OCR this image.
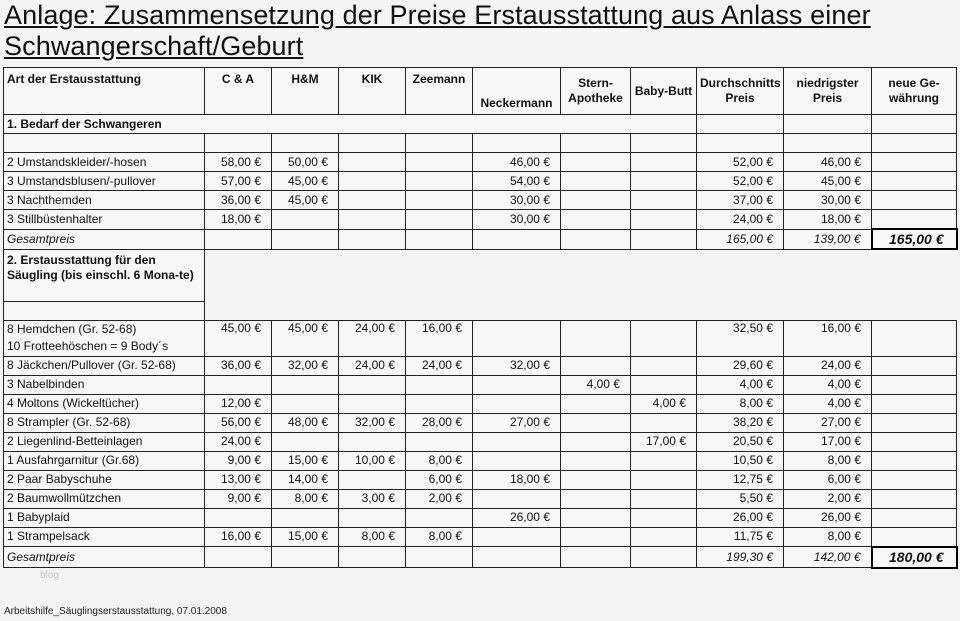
Anlage: Zusammensetzung der Preise Erstausstattung aus Anlass einer
Schwangerschaft/Geburt
Art der Erstausstattung	C & A	H&M	KIK	Zeemann	Neckermann	Stern-Apotheke	Baby-Butt	Durchschnitts Preis	niedrigster Preis	neue Ge-währung
1. Bedarf der Schwangeren										

2 Umstandskleider/-hosen	58,00 €	50,00 €			46,00 €			52,00 €	46,00 €	
3 Umstandsblusen/-pullover	57,00 €	45,00 €			54,00 €			52,00 €	45,00 €	
3 Nachthemden	36,00 €	45,00 €			30,00 €			37,00 €	30,00 €	
3 Stillbüstenhalter	18,00 €				30,00 €			24,00 €	18,00 €	
Gesamtpreis								165,00 €	139,00 €	165,00 €
2. Erstausstattung für den Säugling (bis einschl. 6 Mona-te)										

8 Hemdchen (Gr. 52-68)
10 Frotteehöschen = 9 Body´s	45,00 €	45,00 €	24,00 €	16,00 €				32,50 €	16,00 €	
8 Jäckchen/Pullover (Gr. 52-68)	36,00 €	32,00 €	24,00 €	24,00 €	32,00 €			29,60 €	24,00 €	
3 Nabelbinden						4,00 €		4,00 €	4,00 €	
4 Moltons (Wickeltücher)	12,00 €						4,00 €	8,00 €	4,00 €	
8 Strampler (Gr. 52-68)	56,00 €	48,00 €	32,00 €	28,00 €	27,00 €			38,20 €	27,00 €	
2 Liegenlind-Betteinlagen	24,00 €						17,00 €	20,50 €	17,00 €	
1 Ausfahrgarnitur (Gr.68)	9,00 €	15,00 €	10,00 €	8,00 €				10,50 €	8,00 €	
2 Paar Babyschuhe	13,00 €	14,00 €		6,00 €	18,00 €			12,75 €	6,00 €	
2 Baumwollmützchen	9,00 €	8,00 €	3,00 €	2,00 €				5,50 €	2,00 €	
1 Babyplaid					26,00 €			26,00 €	26,00 €	
1 Strampelsack	16,00 €	15,00 €	8,00 €	8,00 €				11,75 €	8,00 €	
Gesamtpreis								199,30 €	142,00 €	180,00 €
blog
Arbeitshilfe_Säuglingserstausstattung, 07.01.2008
